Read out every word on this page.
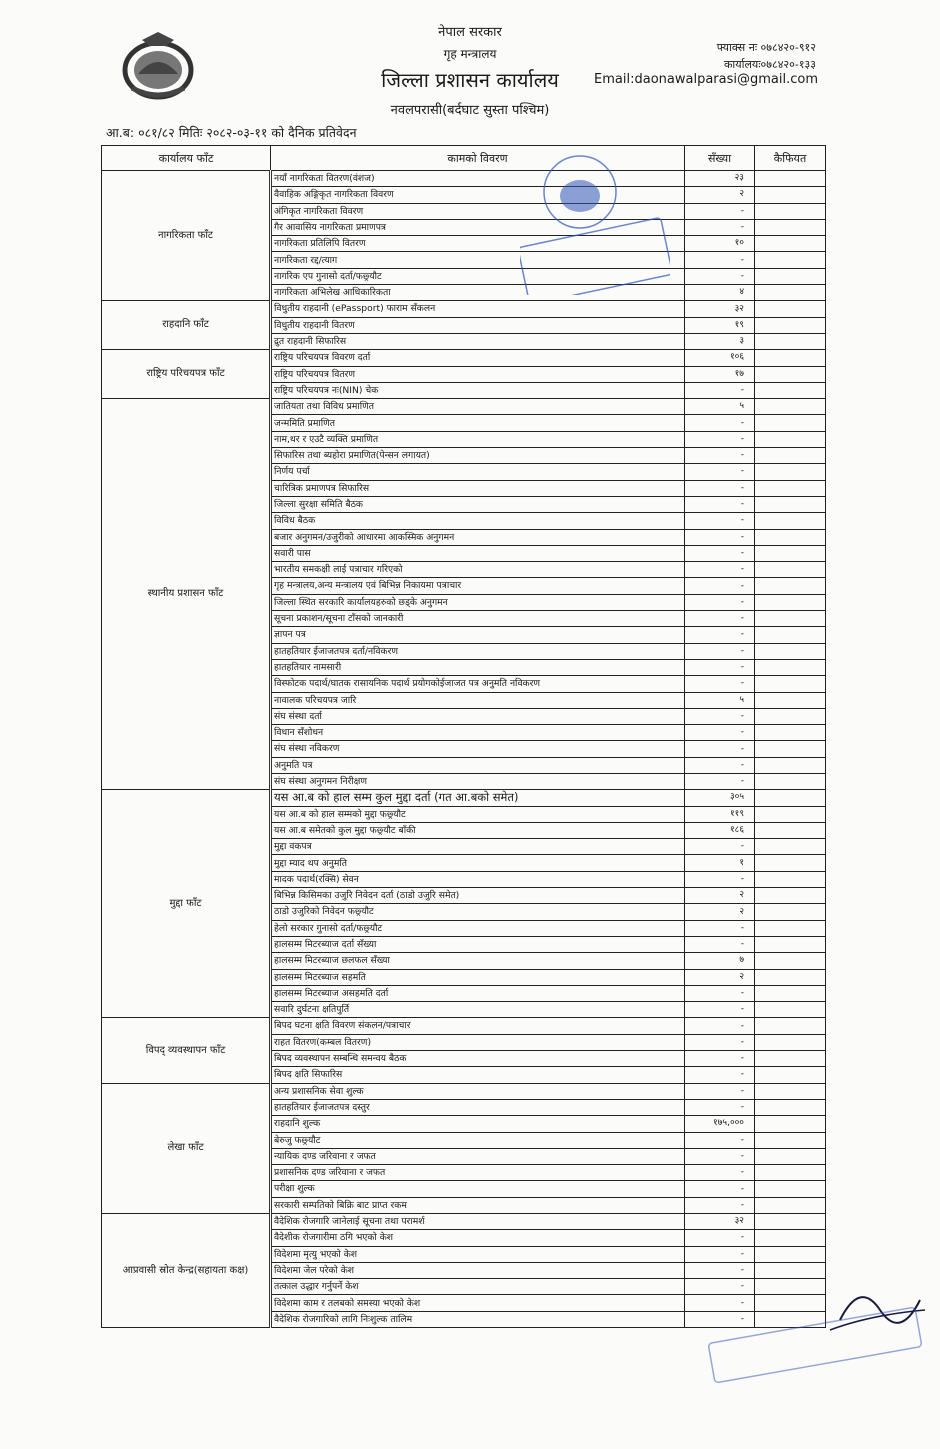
नेपाल सरकार
गृह मन्त्रालय
जिल्ला प्रशासन कार्यालय
नवलपरासी(बर्दघाट सुस्ता पश्चिम)
फ्याक्स नः ०७८४२०-९१२
कार्यालयः०७८४२०-१३३
Email:daonawalparasi@gmail.com
आ.ब: ०८१/८२ मितिः २०८२-०३-११ को दैनिक प्रतिवेदन
कार्यालय फाँट	कामको विवरण	सँख्या	कैफियत
नागरिकता फाँट	नयाँ नागरिकता वितरण(वंशज)	२३	
	वैवाहिक अङ्गिकृत नागरिकता विवरण	२	
	अंगिकृत नागरिकता विवरण	-	
	गैर आवासिय नागरिकता प्रमाणपत्र	-	
	नागरिकता प्रतिलिपि वितरण	१०	
	नागरिकता रद्द/त्याग	-	
	नागरिक एप गुनासो दर्ता/फछ्र्यौट	-	
	नागरिकता अभिलेख आधिकारिकता	४	
राहदानि फाँट	विधुतीय राहदानी (ePassport) फाराम सँकलन	३२	
	विधुतीय राहदानी वितरण	१९	
	द्रुत राहदानी सिफारिस	३	
राष्ट्रिय परिचयपत्र फाँट	राष्ट्रिय परिचयपत्र विवरण दर्ता	१०६	
	राष्ट्रिय परिचयपत्र वितरण	१७	
	राष्ट्रिय परिचयपत्र नः(NIN) चेक	-	
स्थानीय प्रशासन फाँट	जातियता तथा विविध प्रमाणित	५	
	जन्ममिति प्रमाणित	-	
	नाम,थर र एउटै व्यक्ति प्रमाणित	-	
	सिफारिस तथा ब्यहोरा प्रमाणित(पेन्सन लगायत)	-	
	निर्णय पर्चा	-	
	चारित्रिक प्रमाणपत्र सिफारिस	-	
	जिल्ला सुरक्षा समिति बैठक	-	
	विविध बैठक	-	
	बजार अनुगमन/उजुरीको आधारमा आकस्मिक अनुगमन	-	
	सवारी पास	-	
	भारतीय समकक्षी लाई पत्राचार गरिएको	-	
	गृह मन्त्रालय,अन्य मन्त्रालय एवं बिभिन्न निकायमा पत्राचार	-	
	जिल्ला स्थित सरकारि कार्यालयहरुको छड्के अनुगमन	-	
	सूचना प्रकाशन/सूचना टाँसको जानकारी	-	
	ज्ञापन पत्र	-	
	हातहतियार ईजाजतपत्र दर्ता/नविकरण	-	
	हातहतियार नामसारी	-	
	विस्फोटक पदार्थ/घातक रासायनिक पदार्थ प्रयोगकोईजाजत पत्र अनुमति नविकरण	-	
	नावालक परिचयपत्र जारि	५	
	संघ संस्था दर्ता	-	
	विधान सँशोधन	-	
	संघ संस्था नविकरण	-	
	अनुमति पत्र	-	
	संघ संस्था अनुगमन निरीक्षण	-	
मुद्दा फाँट	यस आ.ब को हाल सम्म कुल मुद्दा दर्ता (गत आ.बको समेत)	३०५	
	यस आ.ब को हाल सम्मको मुद्दा फछ्र्यौट	११९	
	यस आ.ब समेतको कुल मुद्दा फछ्र्यौट बाँकी	१८६	
	मुद्दा वकपत्र	-	
	मुद्दा म्याद थप अनुमति	१	
	मादक पदार्थ(रक्सि) सेवन	-	
	बिभिन्न किसिमका उजुरि निवेदन दर्ता (ठाडो उजुरि समेत)	२	
	ठाडो उजुरिको निवेदन फछ्र्यौट	२	
	हेलो सरकार गुनासो दर्ता/फछ्र्यौट	-	
	हालसम्म मिटरब्याज दर्ता सँख्या	-	
	हालसम्म मिटरब्याज छलफल सँख्या	७	
	हालसम्म मिटरब्याज सहमति	२	
	हालसम्म मिटरब्याज असहमति दर्ता	-	
	सवारि दुर्घटना क्षतिपुर्ति	-	
विपद् व्यवस्थापन फाँट	बिपद घटना क्षति विवरण संकलन/पत्राचार	-	
	राहत वितरण(कम्बल वितरण)	-	
	बिपद व्यवस्थापन सम्बन्धि समन्वय बैठक	-	
	बिपद क्षति सिफारिस	-	
लेखा फाँट	अन्य प्रशासनिक सेवा शुल्क	-	
	हातहतियार ईजाजतपत्र दस्तुर	-	
	राहदानि शुल्क	१७५,०००	
	बेरुजु फछ्र्यौट	-	
	न्यायिक दण्ड जरिवाना र जफत	-	
	प्रशासनिक दण्ड जरिवाना र जफत	-	
	परीक्षा शुल्क	-	
	सरकारी सम्पतिको बिक्रि बाट प्राप्त रकम	-	
आप्रवासी स्रोत केन्द्र(सहायता कक्ष)	वैदेशिक रोजगारि जानेलाई सूचना तथा परामर्श	३२	
	वैदेशीक रोजगारीमा ठगि भएको केश	-	
	विदेशमा मृत्यु भएको केश	-	
	विदेशमा जेल परेको केश	-	
	तत्काल उद्धार गर्नुपर्ने केश	-	
	विदेशमा काम र तलबको समस्या भएको केश	-	
	वैदेशिक रोजगारिको लागि निःशुल्क तालिम	-	
